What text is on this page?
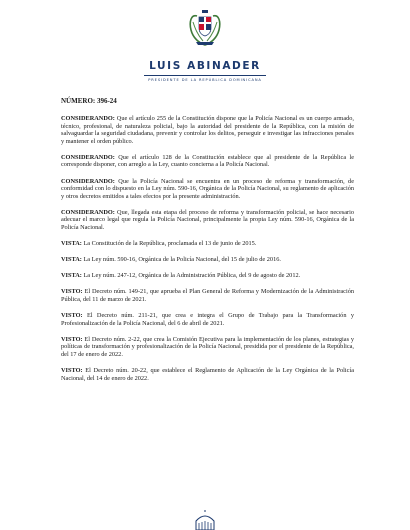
LUIS ABINADER
PRESIDENTE DE LA REPÚBLICA DOMINICANA
NÚMERO: 396-24

CONSIDERANDO: Que el artículo 255 de la Constitución dispone que la Policía Nacional es un cuerpo armado, técnico, profesional, de naturaleza policial, bajo la autoridad del presidente de la República, con la misión de salvaguardar la seguridad ciudadana, prevenir y controlar los delitos, perseguir e investigar las infracciones penales y mantener el orden público.

CONSIDERANDO: Que el artículo 128 de la Constitución establece que al presidente de la República le corresponde disponer, con arreglo a la Ley, cuanto concierna a la Policía Nacional.

CONSIDERANDO: Que la Policía Nacional se encuentra en un proceso de reforma y transformación, de conformidad con lo dispuesto en la Ley núm. 590-16, Orgánica de la Policía Nacional, su reglamento de aplicación y otros decretos emitidos a tales efectos por la presente administración.

CONSIDERANDO: Que, llegada esta etapa del proceso de reforma y transformación policial, se hace necesario adecuar el marco legal que regula la Policía Nacional, principalmente la propia Ley núm. 590-16, Orgánica de la Policía Nacional.

VISTA: La Constitución de la República, proclamada el 13 de junio de 2015.

VISTA: La Ley núm. 590-16, Orgánica de la Policía Nacional, del 15 de julio de 2016.

VISTA: La Ley núm. 247-12, Orgánica de la Administración Pública, del 9 de agosto de 2012.

VISTO: El Decreto núm. 149-21, que aprueba el Plan General de Reforma y Modernización de la Administración Pública, del 11 de marzo de 2021.

VISTO: El Decreto núm. 211-21, que crea e integra el Grupo de Trabajo para la Transformación y Profesionalización de la Policía Nacional, del 6 de abril de 2021.

VISTO: El Decreto núm. 2-22, que crea la Comisión Ejecutiva para la implementación de los planes, estrategias y políticas de transformación y profesionalización de la Policía Nacional, presidida por el presidente de la República, del 17 de enero de 2022.

VISTO: El Decreto núm. 20-22, que establece el Reglamento de Aplicación de la Ley Orgánica de la Policía Nacional, del 14 de enero de 2022.
